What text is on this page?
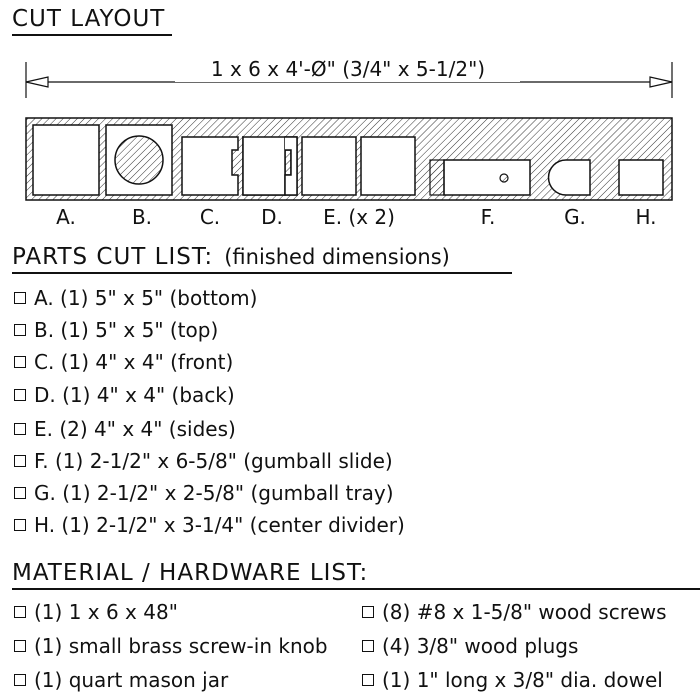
CUT LAYOUT
1 x 6 x 4'-Ø" (3/4" x 5-1/2")
A.	B. C. D. E. (x 2)	F.	G. H.
PARTS CUT LIST: (finished dimensions)
A. (1) 5" x 5" (bottom)
B. (1) 5" x 5" (top)
C. (1) 4" x 4" (front)
D. (1) 4" x 4" (back)
E. (2) 4" x 4" (sides)
F. (1) 2-1/2" x 6-5/8" (gumball slide)
G. (1) 2-1/2" x 2-5/8" (gumball tray)
H. (1) 2-1/2" x 3-1/4" (center divider)
MATERIAL / HARDWARE LIST:
(1) 1 x 6 x 48"
(1) small brass screw-in knob
(1) quart mason jar
(8) #8 x 1-5/8" wood screws
(4) 3/8" wood plugs
(1) 1" long x 3/8" dia. dowel
